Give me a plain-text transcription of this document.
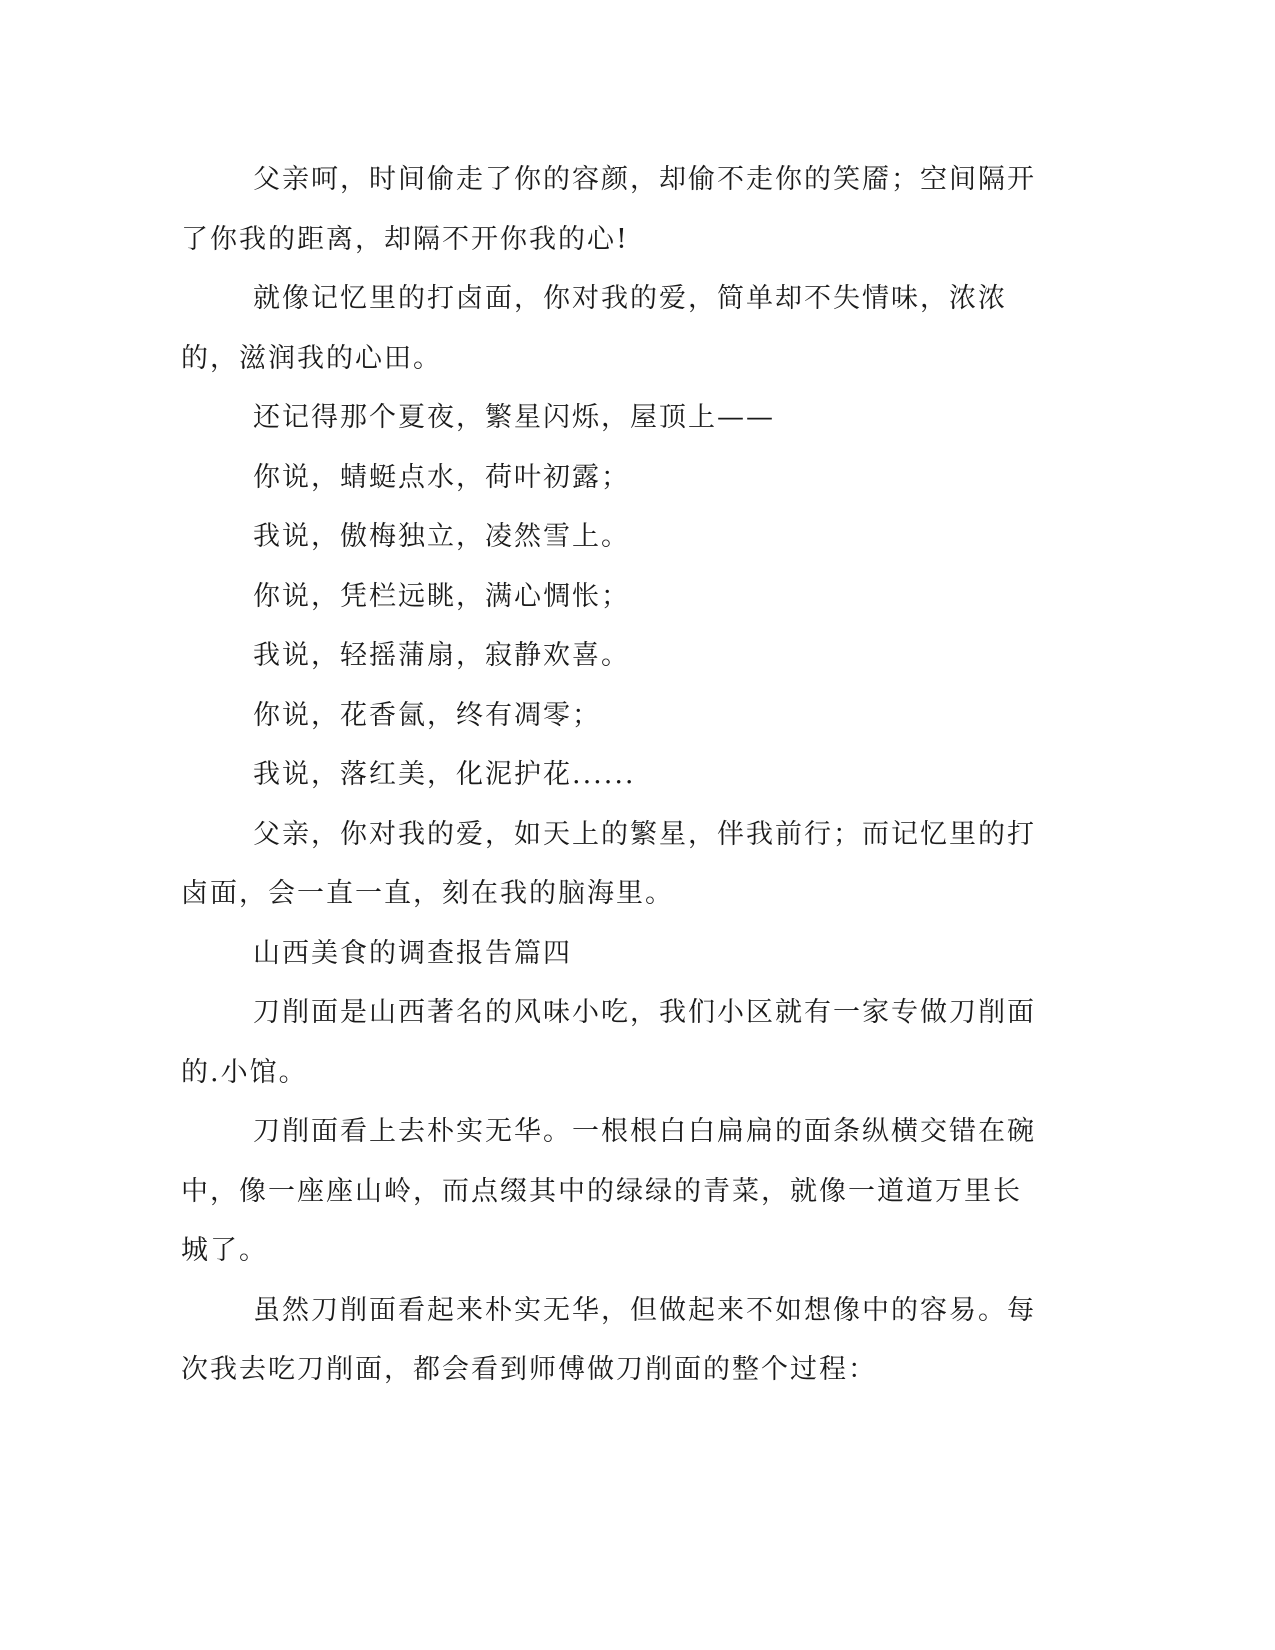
父亲呵，时间偷走了你的容颜，却偷不走你的笑靥；空间隔开了你我的距离，却隔不开你我的心!

就像记忆里的打卤面，你对我的爱，简单却不失情味，浓浓的，滋润我的心田。

还记得那个夏夜，繁星闪烁，屋顶上——

你说，蜻蜓点水，荷叶初露；

我说，傲梅独立，凌然雪上。

你说，凭栏远眺，满心惆怅；

我说，轻摇蒲扇，寂静欢喜。

你说，花香氤，终有凋零；

我说，落红美，化泥护花......

父亲，你对我的爱，如天上的繁星，伴我前行；而记忆里的打卤面，会一直一直，刻在我的脑海里。

山西美食的调查报告篇四

刀削面是山西著名的风味小吃，我们小区就有一家专做刀削面的.小馆。

刀削面看上去朴实无华。一根根白白扁扁的面条纵横交错在碗中，像一座座山岭，而点缀其中的绿绿的青菜，就像一道道万里长城了。

虽然刀削面看起来朴实无华，但做起来不如想像中的容易。每次我去吃刀削面，都会看到师傅做刀削面的整个过程：
